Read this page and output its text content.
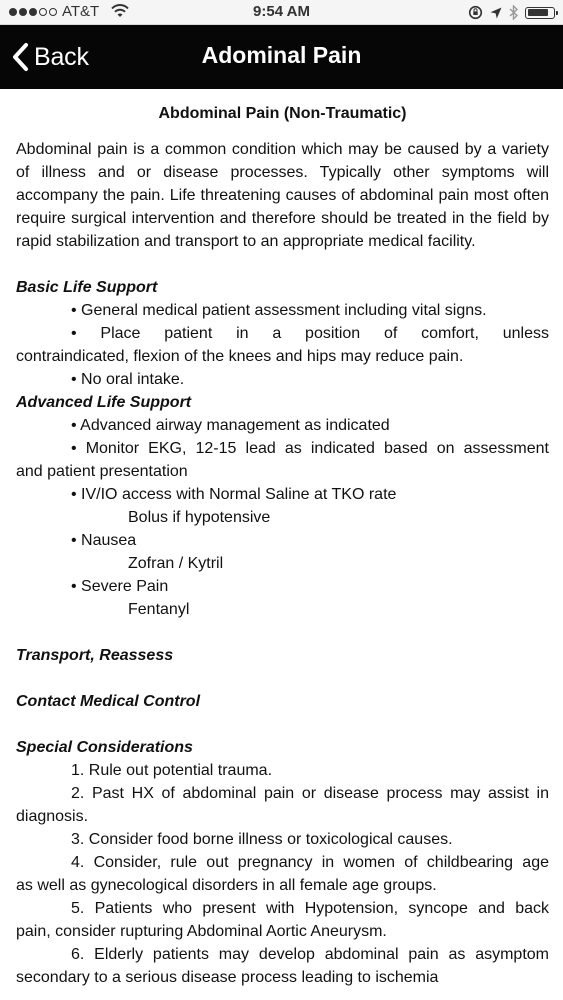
AT&T	9:54 AM
Back	Adominal Pain

Abdominal Pain (Non-Traumatic)

Abdominal pain is a common condition which may be caused by a variety of illness and or disease processes. Typically other symptoms will accompany the pain. Life threatening causes of abdominal pain most often require surgical intervention and therefore should be treated in the field by rapid stabilization and transport to an appropriate medical facility.

Basic Life Support

• General medical patient assessment including vital signs.

• Place patient in a position of comfort, unless

contraindicated, flexion of the knees and hips may reduce pain.

• No oral intake.

Advanced Life Support

• Advanced airway management as indicated

• Monitor EKG, 12-15 lead as indicated based on assessment

and patient presentation

• IV/IO access with Normal Saline at TKO rate

Bolus if hypotensive

• Nausea

Zofran / Kytril

• Severe Pain

Fentanyl

Transport, Reassess

Contact Medical Control

Special Considerations

1. Rule out potential trauma.

2. Past HX of abdominal pain or disease process may assist in

diagnosis.

3. Consider food borne illness or toxicological causes.

4. Consider, rule out pregnancy in women of childbearing age

as well as gynecological disorders in all female age groups.

5. Patients who present with Hypotension, syncope and back

pain, consider rupturing Abdominal Aortic Aneurysm.

6. Elderly patients may develop abdominal pain as asymptom

secondary to a serious disease process leading to ischemia
